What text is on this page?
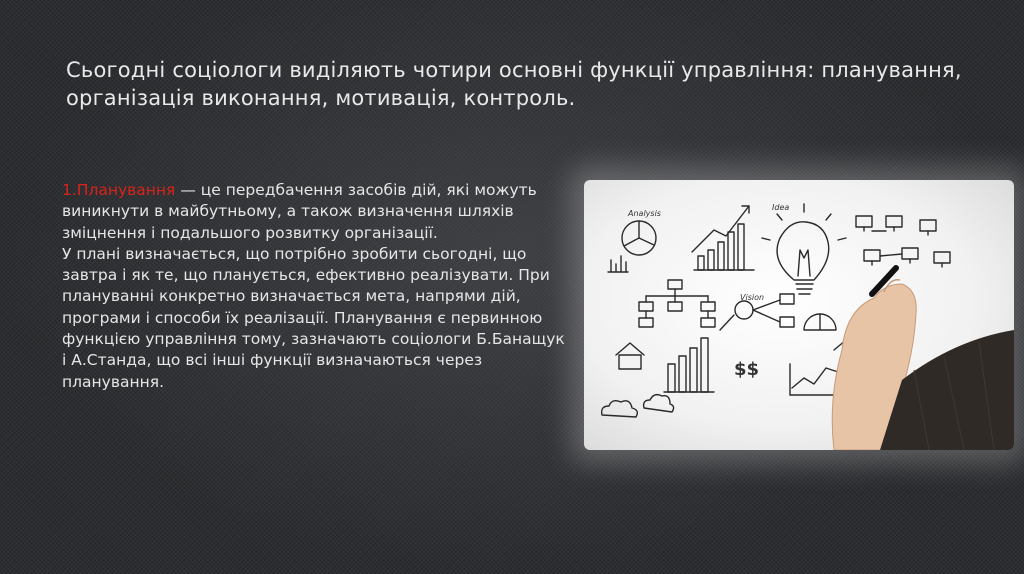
Сьогодні соціологи виділяють чотири основні функції управління: планування, організація виконання, мотивація, контроль.

1.Планування — це передбачення засобів дій, які можуть виникнути в майбутньому, а також визначення шляхів зміцнення і подальшого розвитку організації.

У плані визначається, що потрібно зробити сьогодні, що завтра і як те, що планується, ефективно реалізувати. При плануванні конкретно визначається мета, напрями дій, програми і способи їх реалізації. Планування є первинною функцією управління тому, зазначають соціологи Б.Банащук і А.Станда, що всі інші функції визначаються через планування.

Analysis
Idea
Vision
$$
